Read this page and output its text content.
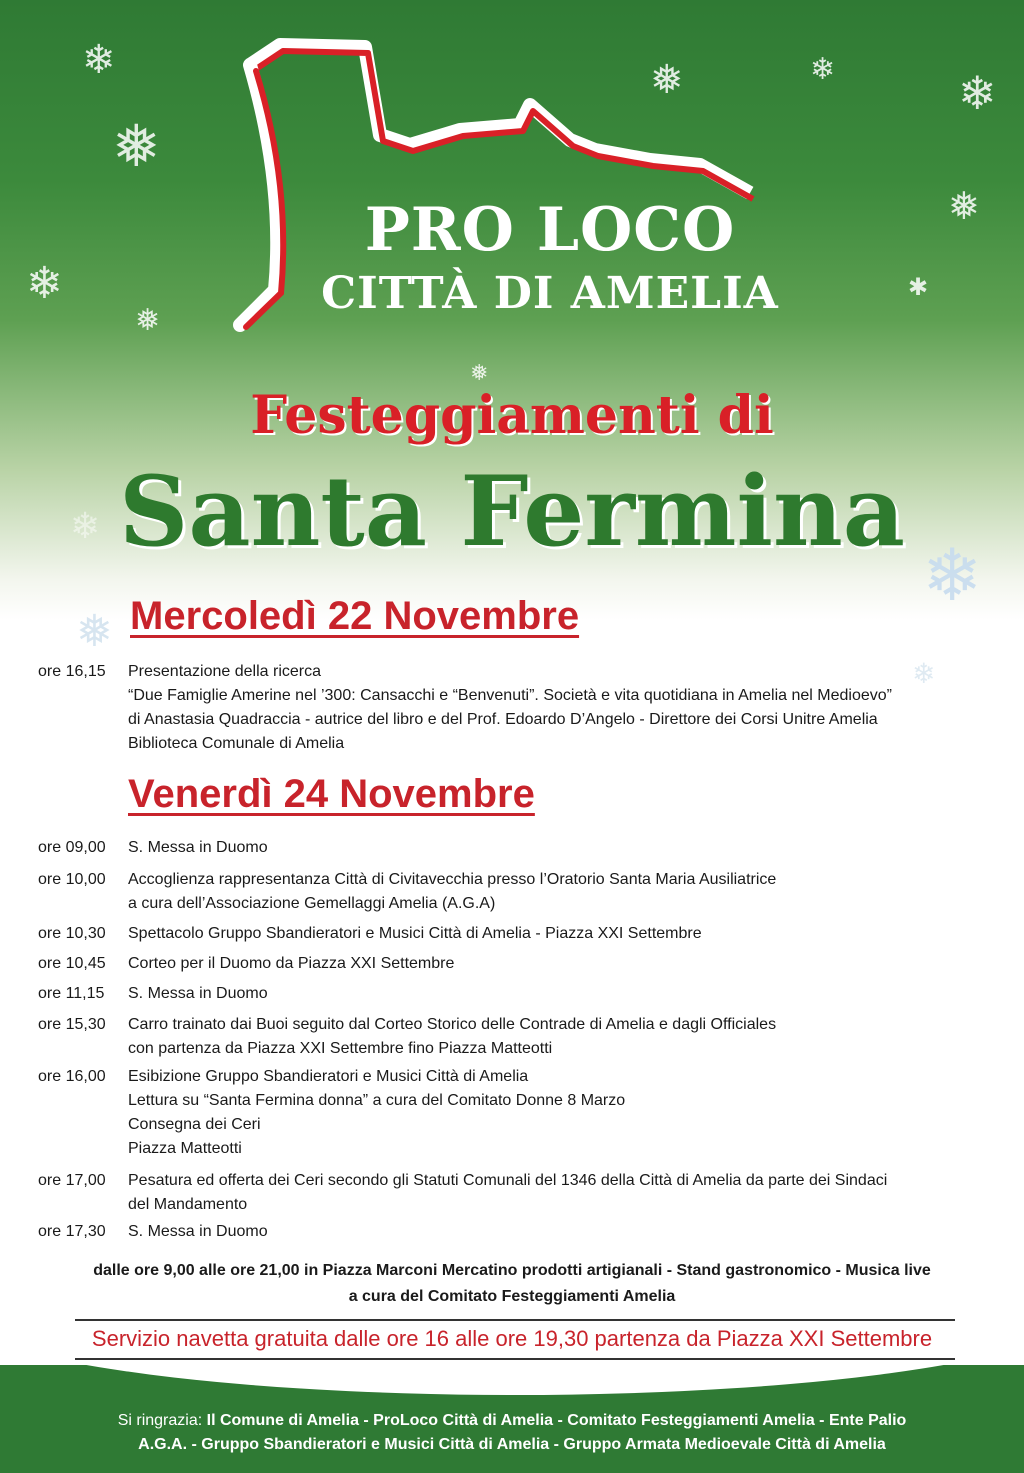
❄
❅
❄
❅
❅	❄	❄
❅
✱
❅
❄
❄
❅
❄
PRO LOCO
CITTÀ DI AMELIA
Festeggiamenti di
Santa Fermina
Mercoledì 22 Novembre
ore 16,15	Presentazione della ricerca
“Due Famiglie Amerine nel ’300: Cansacchi e “Benvenuti”. Società e vita quotidiana in Amelia nel Medioevo”
di Anastasia Quadraccia - autrice del libro e del Prof. Edoardo D’Angelo - Direttore dei Corsi Unitre Amelia
Biblioteca Comunale di Amelia
Venerdì 24 Novembre
ore 09,00	S. Messa in Duomo
ore 10,00	Accoglienza rappresentanza Città di Civitavecchia presso l’Oratorio Santa Maria Ausiliatrice
a cura dell’Associazione Gemellaggi Amelia (A.G.A)
ore 10,30	Spettacolo Gruppo Sbandieratori e Musici Città di Amelia - Piazza XXI Settembre
ore 10,45	Corteo per il Duomo da Piazza XXI Settembre
ore 11,15	S. Messa in Duomo
ore 15,30	Carro trainato dai Buoi seguito dal Corteo Storico delle Contrade di Amelia e dagli Officiales
con partenza da Piazza XXI Settembre fino Piazza Matteotti
ore 16,00	Esibizione Gruppo Sbandieratori e Musici Città di Amelia
Lettura su “Santa Fermina donna” a cura del Comitato Donne 8 Marzo
Consegna dei Ceri
Piazza Matteotti
ore 17,00	Pesatura ed offerta dei Ceri secondo gli Statuti Comunali del 1346 della Città di Amelia da parte dei Sindaci
del Mandamento
ore 17,30	S. Messa in Duomo
dalle ore 9,00 alle ore 21,00 in Piazza Marconi Mercatino prodotti artigianali - Stand gastronomico - Musica live
a cura del Comitato Festeggiamenti Amelia
Servizio navetta gratuita dalle ore 16 alle ore 19,30 partenza da Piazza XXI Settembre
Si ringrazia: Il Comune di Amelia - ProLoco Città di Amelia - Comitato Festeggiamenti Amelia - Ente Palio
A.G.A. - Gruppo Sbandieratori e Musici Città di Amelia - Gruppo Armata Medioevale Città di Amelia
